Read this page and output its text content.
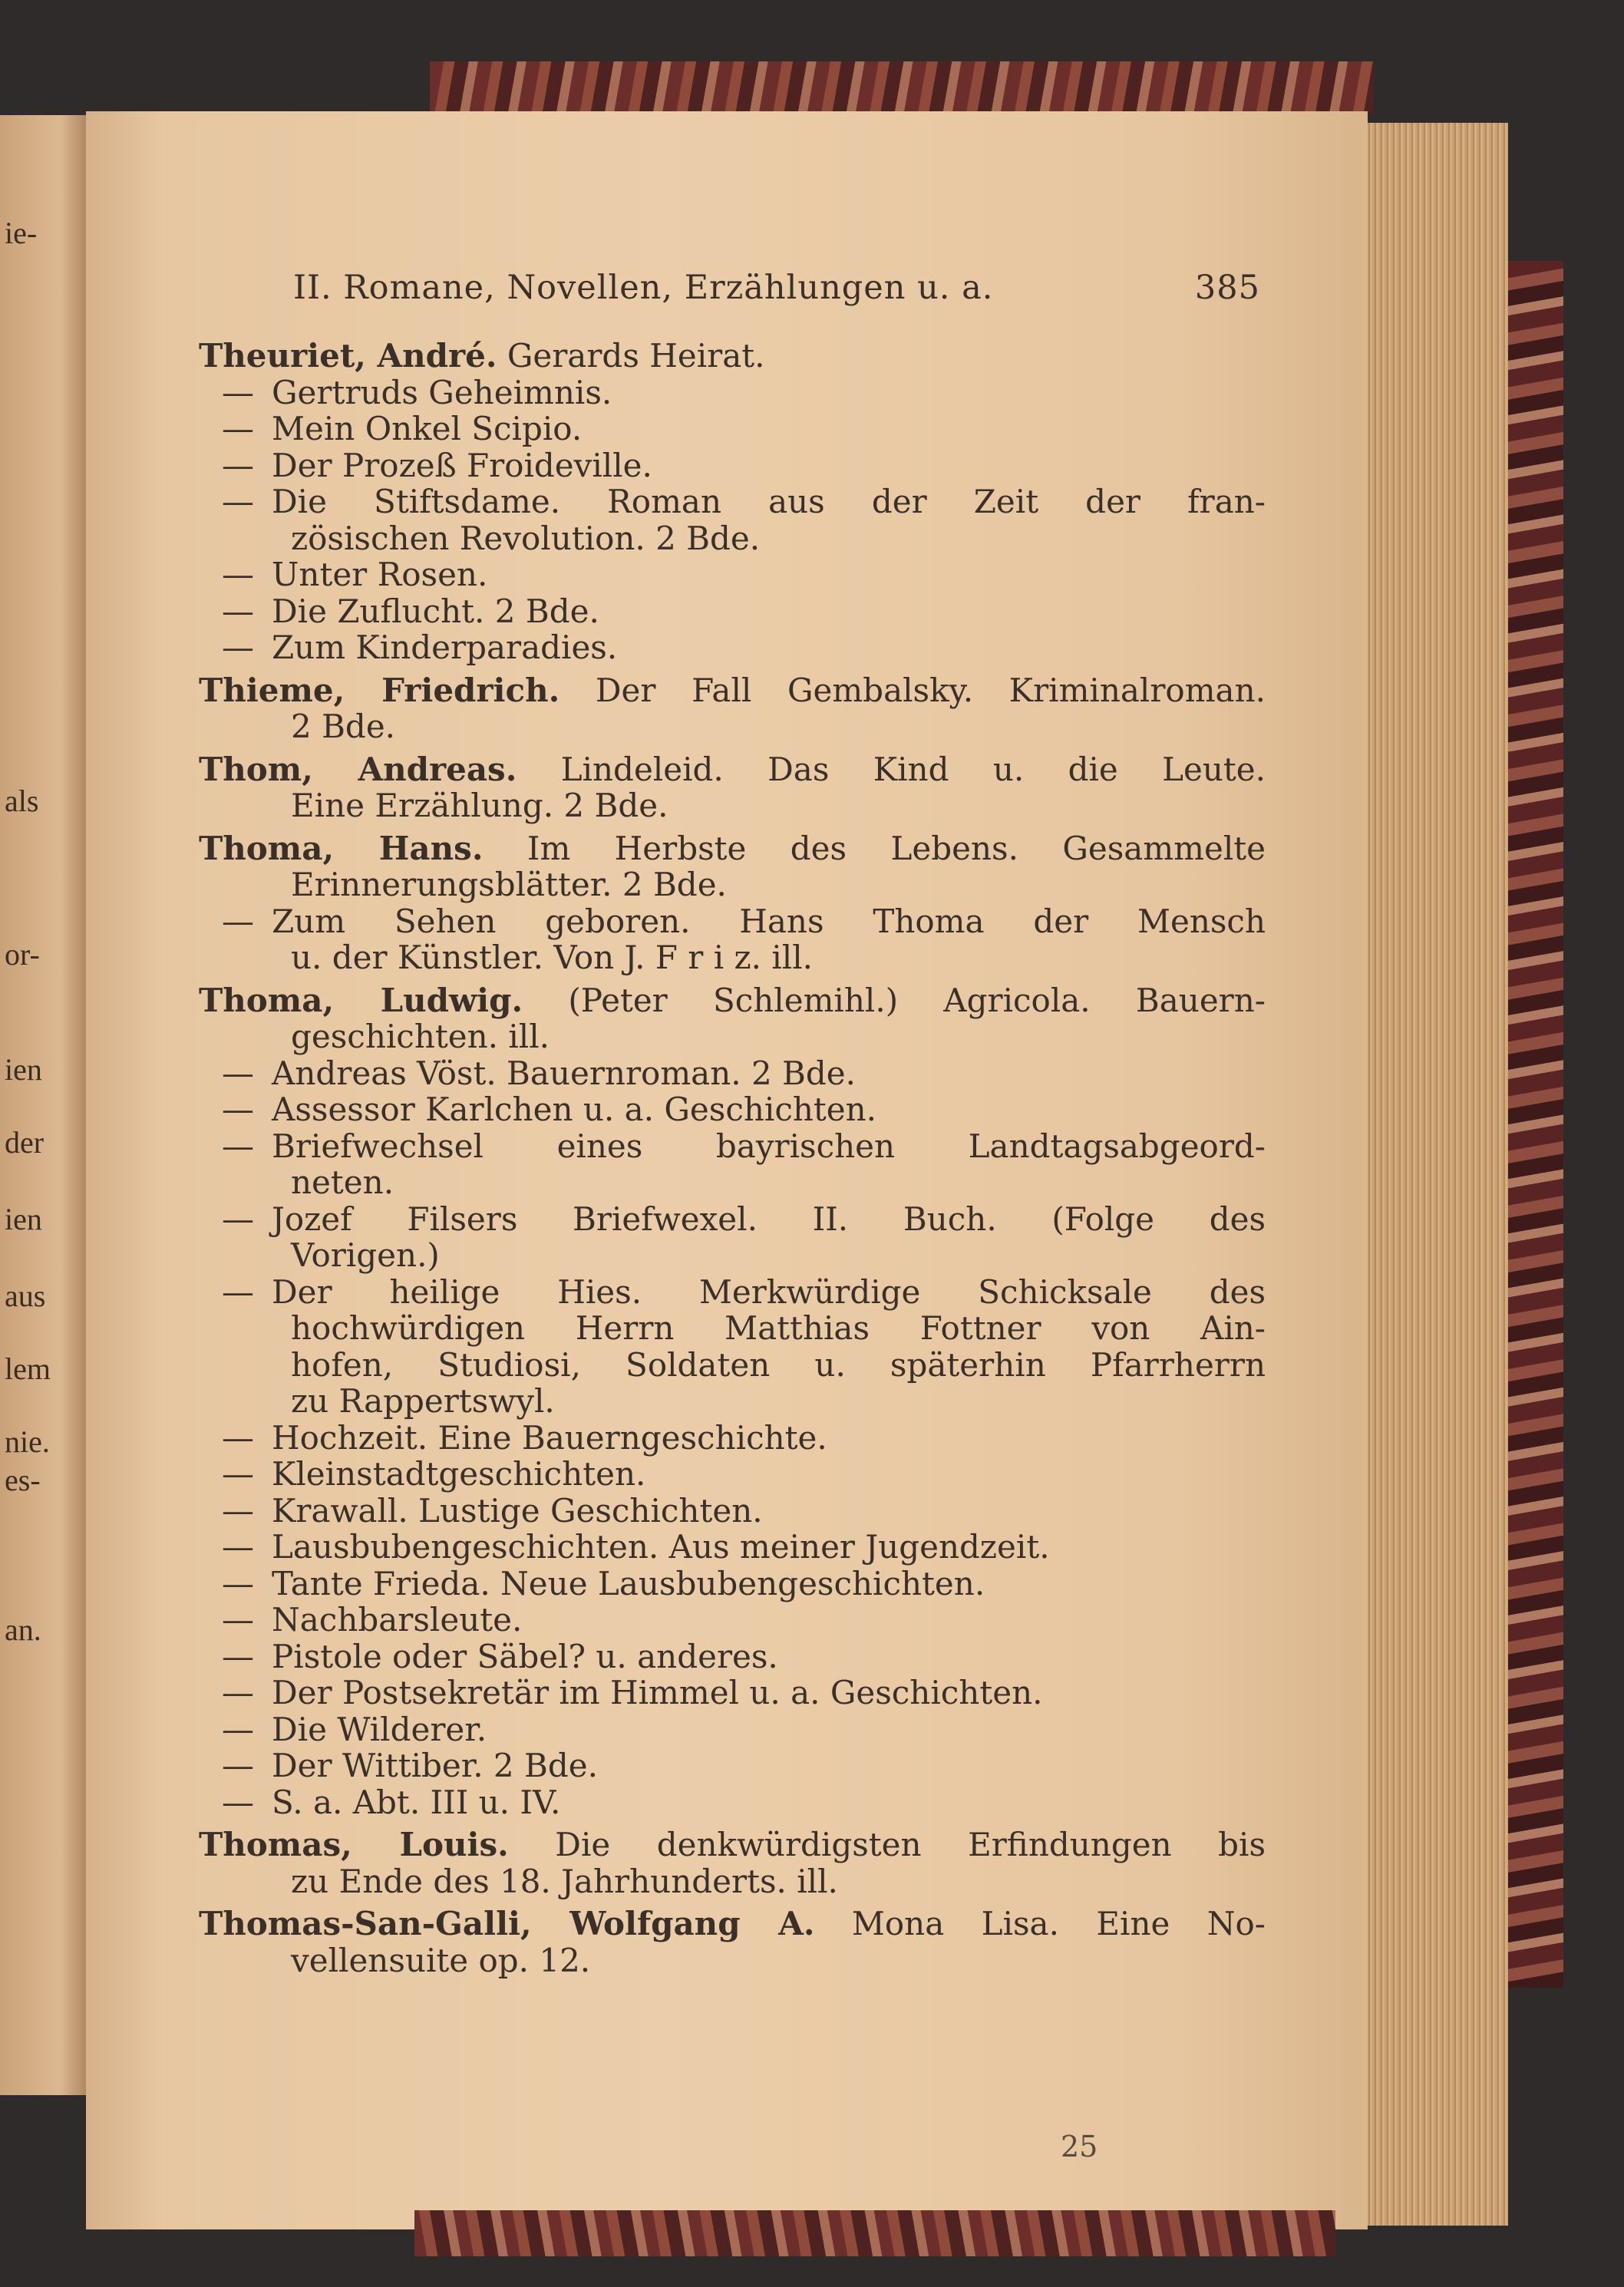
ie-
als
or-
ien
der
ien
aus
lem
nie.
es-
an.
II. Romane, Novellen, Erzählungen u. a.	385
Theuriet, André. Gerards Heirat.
— Gertruds Geheimnis.
— Mein Onkel Scipio.
— Der Prozeß Froideville.
— Die Stiftsdame. Roman aus der Zeit der fran-
zösischen Revolution. 2 Bde.
— Unter Rosen.
— Die Zuflucht. 2 Bde.
— Zum Kinderparadies.
Thieme, Friedrich. Der Fall Gembalsky. Kriminalroman.
2 Bde.
Thom, Andreas. Lindeleid. Das Kind u. die Leute.
Eine Erzählung. 2 Bde.
Thoma, Hans. Im Herbste des Lebens. Gesammelte
Erinnerungsblätter. 2 Bde.
— Zum Sehen geboren. Hans Thoma der Mensch
u. der Künstler. Von J. F r i z. ill.
Thoma, Ludwig. (Peter Schlemihl.) Agricola. Bauern-
geschichten. ill.
— Andreas Vöst. Bauernroman. 2 Bde.
— Assessor Karlchen u. a. Geschichten.
— Briefwechsel eines bayrischen Landtagsabgeord-
neten.
— Jozef Filsers Briefwexel. II. Buch. (Folge des
Vorigen.)
— Der heilige Hies. Merkwürdige Schicksale des
hochwürdigen Herrn Matthias Fottner von Ain-
hofen, Studiosi, Soldaten u. späterhin Pfarrherrn
zu Rappertswyl.
— Hochzeit. Eine Bauerngeschichte.
— Kleinstadtgeschichten.
— Krawall. Lustige Geschichten.
— Lausbubengeschichten. Aus meiner Jugendzeit.
— Tante Frieda. Neue Lausbubengeschichten.
— Nachbarsleute.
— Pistole oder Säbel? u. anderes.
— Der Postsekretär im Himmel u. a. Geschichten.
— Die Wilderer.
— Der Wittiber. 2 Bde.
— S. a. Abt. III u. IV.
Thomas, Louis. Die denkwürdigsten Erfindungen bis
zu Ende des 18. Jahrhunderts. ill.
Thomas-San-Galli, Wolfgang A. Mona Lisa. Eine No-
vellensuite op. 12.
25
